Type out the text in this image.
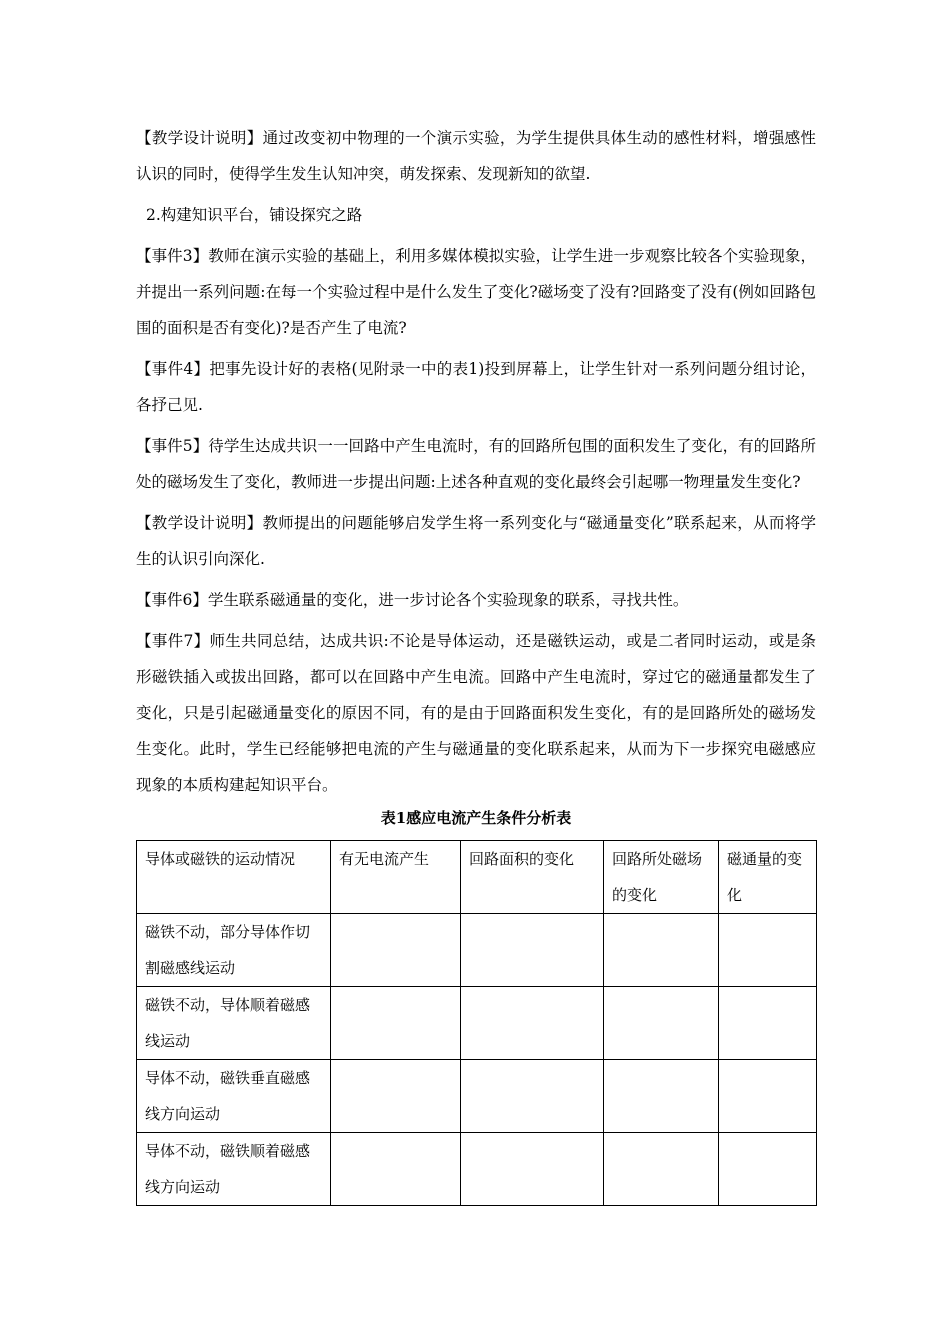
【教学设计说明】通过改变初中物理的一个演示实验，为学生提供具体生动的感性材料，增强感性认识的同时，使得学生发生认知冲突，萌发探索、发现新知的欲望.

2.构建知识平台，铺设探究之路

【事件3】教师在演示实验的基础上，利用多媒体模拟实验，让学生进一步观察比较各个实验现象，并提出一系列问题:在每一个实验过程中是什么发生了变化?磁场变了没有?回路变了没有(例如回路包围的面积是否有变化)?是否产生了电流?

【事件4】把事先设计好的表格(见附录一中的表1)投到屏幕上，让学生针对一系列问题分组讨论，各抒己见.

【事件5】待学生达成共识一一回路中产生电流时，有的回路所包围的面积发生了变化，有的回路所处的磁场发生了变化，教师进一步提出问题:上述各种直观的变化最终会引起哪一物理量发生变化?

【教学设计说明】教师提出的问题能够启发学生将一系列变化与“磁通量变化”联系起来，从而将学生的认识引向深化.

【事件6】学生联系磁通量的变化，进一步讨论各个实验现象的联系，寻找共性。

【事件7】师生共同总结，达成共识:不论是导体运动，还是磁铁运动，或是二者同时运动，或是条形磁铁插入或拔出回路，都可以在回路中产生电流。回路中产生电流时，穿过它的磁通量都发生了变化，只是引起磁通量变化的原因不同，有的是由于回路面积发生变化，有的是回路所处的磁场发生变化。此时，学生已经能够把电流的产生与磁通量的变化联系起来，从而为下一步探究电磁感应现象的本质构建起知识平台。

表1感应电流产生条件分析表
导体或磁铁的运动情况	有无电流产生	回路面积的变化	回路所处磁场的变化	磁通量的变化
磁铁不动，部分导体作切割磁感线运动				
磁铁不动，导体顺着磁感线运动				
导体不动，磁铁垂直磁感线方向运动				
导体不动，磁铁顺着磁感线方向运动				
